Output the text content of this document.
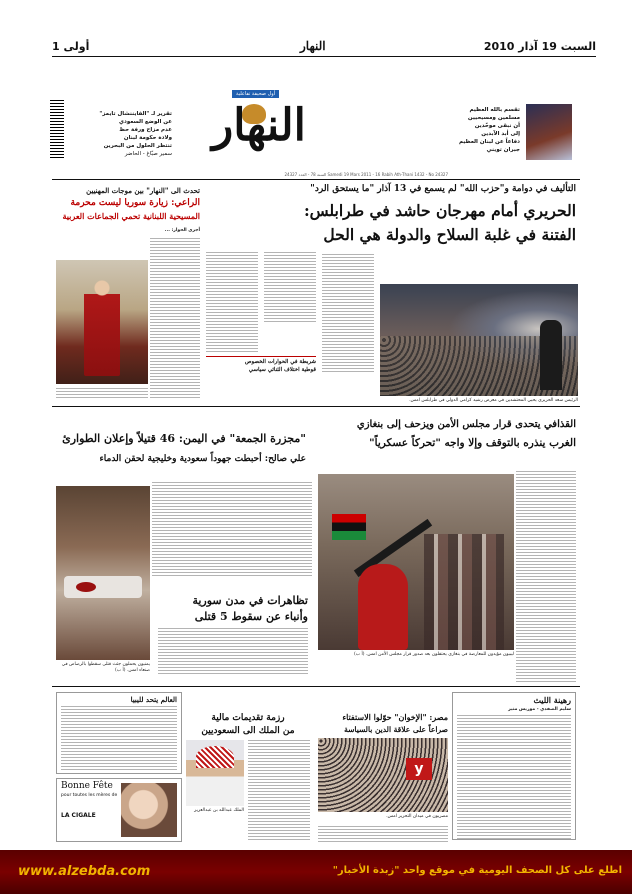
السبت 19 آذار 2010
النهار
أولى 1
تقسم بالله العظيم
مسلمين ومسيحيين
أن نبقى موحّدين
إلى أبد الآبدين
دفاعاً عن لبنان العظيم
جبران تويني
أول صحيفة تفاعلية
النهار
تقرير لـ "الفايننشال تايمز"
عن الوضع السعودي
عدم مزاح ورفة حظ
ولادة حكومة لبنان
تنتظر الحلول من البحرين
سمير صبّاغ - الحاضر
Samedi 19 Mars 2011 - 16 Rabih Ath-Thani 1432 - No 24327 السنة 78 - العدد 24327
التأليف في دوامة و"حزب الله" لم يسمع في 13 آذار "ما يستحق الرد"
الحريري أمام مهرجان حاشد في طرابلس:
الفتنة في غلبة السلاح والدولة هي الحل
شربطة في الحوارات الخصوص
قوطية اختلاف الثنائي سياسي
الرئيس سعد الحريري يحيي المحتشدين في معرض رشيد كرامي الدولي في طرابلس امس.
تحدث الى "النهار" بين موجات المهنيين
الراعي: زيارة سوريا ليست محرمة
المسيحية اللبنانية تحمي الجماعات العربية
أجرى الحوار: ...
القذافي يتحدى قرار مجلس الأمن ويزحف إلى بنغازي
الغرب ينذره بالتوقف وإلا واجه "تحركاً عسكرياً"
ليبيون مؤيدون للمعارضة في بنغازي يحتفلون بعد صدور قرار مجلس الأمن امس. (أ ب)
"مجزرة الجمعة" في اليمن: 46 قتيلاً وإعلان الطوارئ
علي صالح: أحبطت جهوداً سعودية وخليجية لحقن الدماء
يمنيون يحملون جثث قتلى سقطوا بالرصاص في صنعاء امس. (أ ب)
تظاهرات في مدن سورية
وأنباء عن سقوط 5 قتلى
رهينة الليث
سليم الصفدي - موريس منير
مصر: "الإخوان" حوّلوا الاستفتاء
صراعاً على علاقة الدين بالسياسة
y
مصريون في ميدان التحرير امس.
رزمة تقديمات مالية
من الملك الى السعوديين
الملك عبدالله بن عبدالعزيز
العالم يتحد لليبيا
Bonne Fête
pour toutes les mères de
LA CIGALE
www.alzebda.com	اطلع على كل الصحف اليومية في موقع واحد "زبدة الأخبار"
